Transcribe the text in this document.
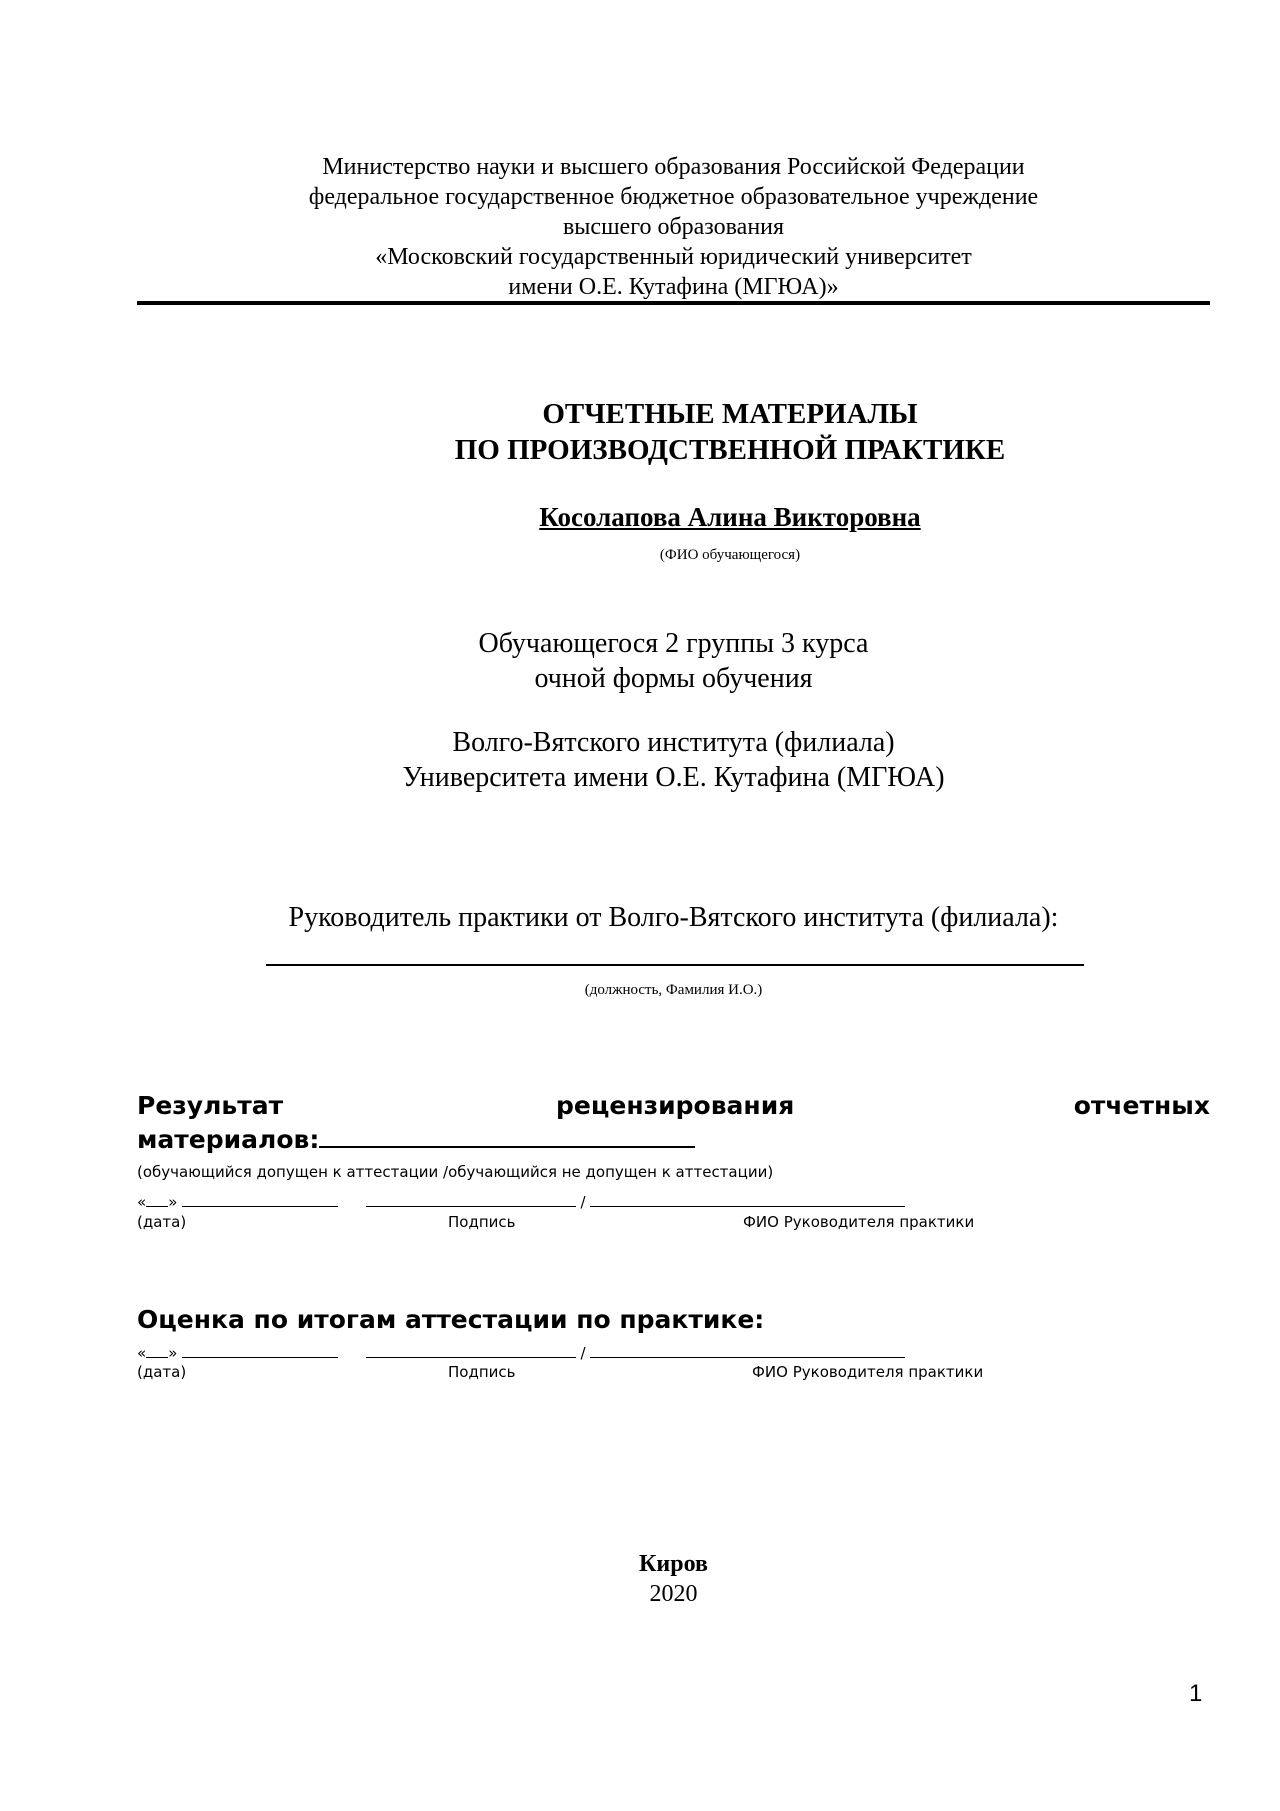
Министерство науки и высшего образования Российской Федерации
федеральное государственное бюджетное образовательное учреждение
высшего образования
«Московский государственный юридический университет
имени О.Е. Кутафина (МГЮА)»
ОТЧЕТНЫЕ МАТЕРИАЛЫ
ПО ПРОИЗВОДСТВЕННОЙ ПРАКТИКЕ
Косолапова Алина Викторовна
(ФИО обучающегося)
Обучающегося 2 группы 3 курса
очной формы обучения
Волго-Вятского института (филиала)
Университета имени О.Е. Кутафина (МГЮА)
Руководитель практики от Волго-Вятского института (филиала):
(должность, Фамилия И.О.)
Результат	рецензирования	отчетных
материалов:
(обучающийся допущен к аттестации /обучающийся не допущен к аттестации)
« »	/
(дата)	Подпись	ФИО Руководителя практики
Оценка по итогам аттестации по практике:
« »	/
(дата)	Подпись	ФИО Руководителя практики
Киров
2020
1
